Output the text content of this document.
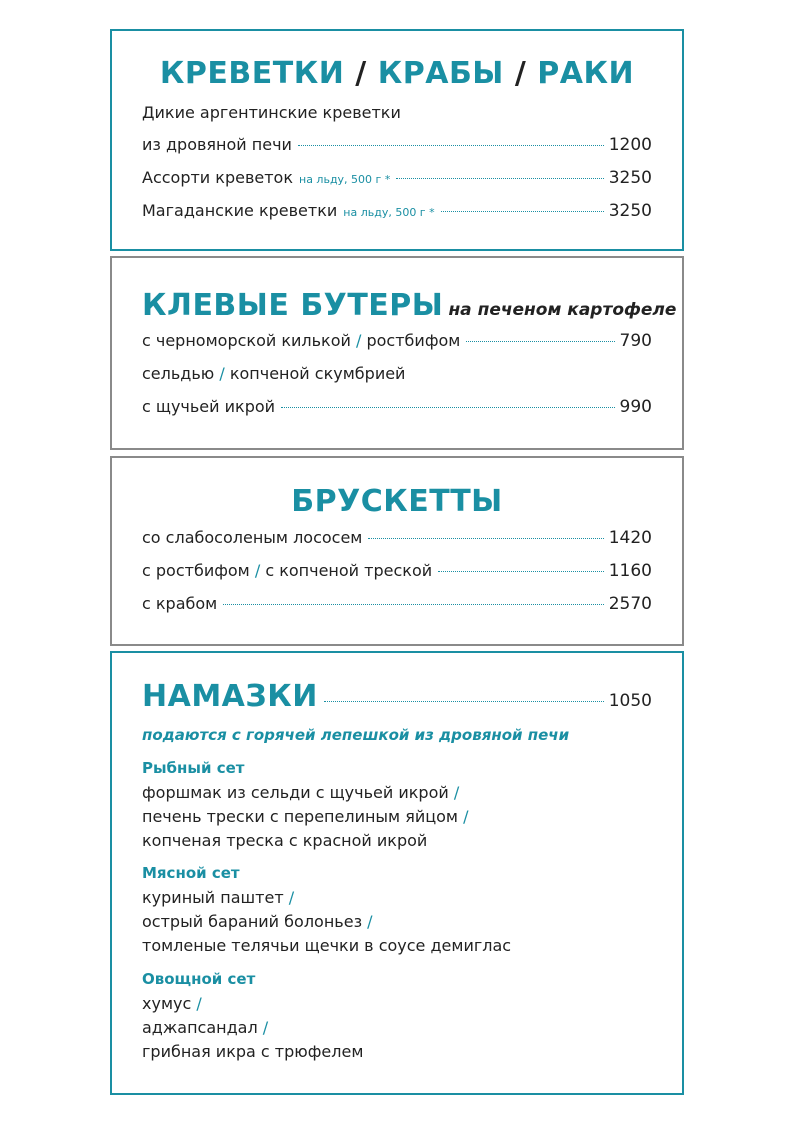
КРЕВЕТКИ / КРАБЫ / РАКИ
Дикие аргентинские креветки
из дровяной печи	1200
Ассорти креветок на льду, 500 г *	3250
Магаданские креветки на льду, 500 г *	3250
КЛЕВЫЕ БУТЕРЫ на печеном картофеле
с черноморской килькой / ростбифом	790
сельдью / копченой скумбрией
с щучьей икрой	990
БРУСКЕТТЫ
со слабосоленым лососем	1420
с ростбифом / с копченой треской	1160
с крабом	2570
НАМАЗКИ	1050
подаются с горячей лепешкой из дровяной печи
Рыбный сет
форшмак из сельди с щучьей икрой /
печень трески с перепелиным яйцом /
копченая треска с красной икрой
Мясной сет
куриный паштет /
острый бараний болоньез /
томленые телячьи щечки в соусе демиглас
Овощной сет
хумус /
аджапсандал /
грибная икра с трюфелем
